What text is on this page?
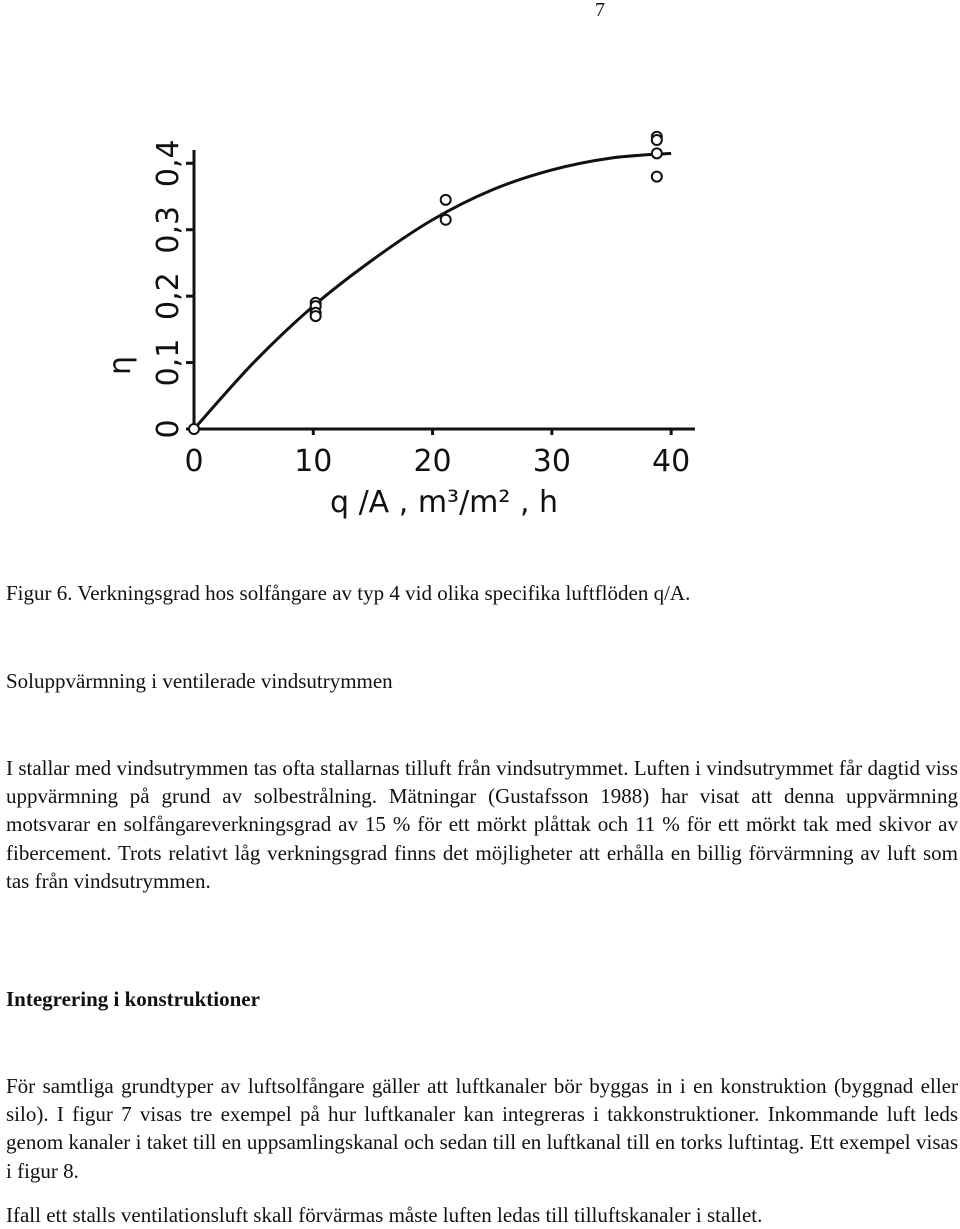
7
0
0,1
0,2
0,3
0,4
0	10	20	30	40
η
q /A , m³/m² , h
Figur 6. Verkningsgrad hos solfångare av typ 4 vid olika specifika luftflöden q/A.
Soluppvärmning i ventilerade vindsutrymmen

I stallar med vindsutrymmen tas ofta stallarnas tilluft från vindsutrymmet. Luften i vindsutrymmet får dagtid viss uppvärmning på grund av solbestrålning. Mätningar (Gustafsson 1988) har visat att denna uppvärmning motsvarar en solfångareverkningsgrad av 15 % för ett mörkt plåttak och 11 % för ett mörkt tak med skivor av fibercement. Trots relativt låg verkningsgrad finns det möjligheter att erhålla en billig förvärmning av luft som tas från vindsutrymmen.

Integrering i konstruktioner

För samtliga grundtyper av luftsolfångare gäller att luftkanaler bör byggas in i en konstruktion (byggnad eller silo). I figur 7 visas tre exempel på hur luftkanaler kan integreras i takkonstruktioner. Inkommande luft leds genom kanaler i taket till en uppsamlingskanal och sedan till en luftkanal till en torks luftintag. Ett exempel visas i figur 8.

Ifall ett stalls ventilationsluft skall förvärmas måste luften ledas till tilluftskanaler i stallet.
